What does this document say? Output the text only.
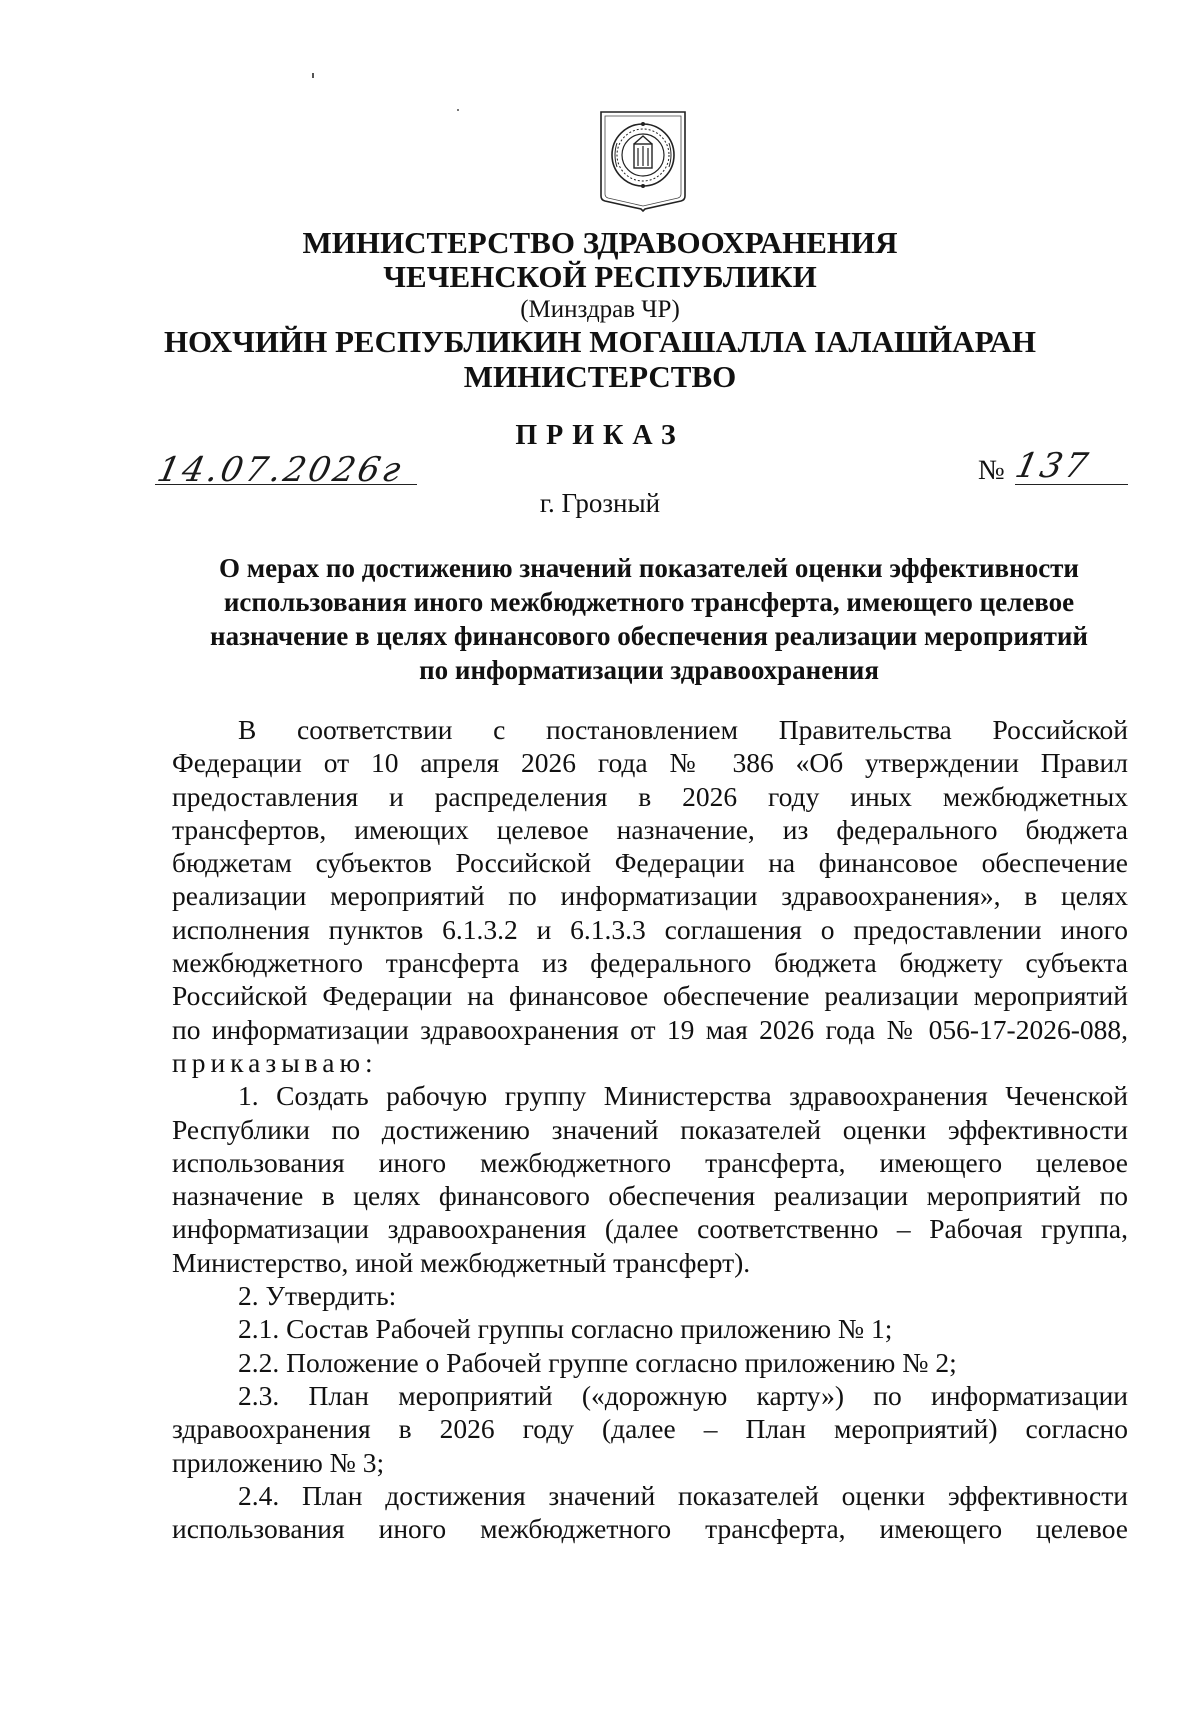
МИНИСТЕРСТВО ЗДРАВООХРАНЕНИЯ
ЧЕЧЕНСКОЙ РЕСПУБЛИКИ
(Минздрав ЧР)
НОХЧИЙН РЕСПУБЛИКИН МОГАШАЛЛА ІАЛАШЙАРАН
МИНИСТЕРСТВО
ПРИКАЗ
14.07.2026г	№ 137
г. Грозный
О мерах по достижению значений показателей оценки эффективности
использования иного межбюджетного трансферта, имеющего целевое
назначение в целях финансового обеспечения реализации мероприятий
по информатизации здравоохранения
В соответствии с постановлением Правительства Российской
Федерации от 10 апреля 2026 года № 386 «Об утверждении Правил
предоставления и распределения в 2026 году иных межбюджетных
трансфертов, имеющих целевое назначение, из федерального бюджета
бюджетам субъектов Российской Федерации на финансовое обеспечение
реализации мероприятий по информатизации здравоохранения», в целях
исполнения пунктов 6.1.3.2 и 6.1.3.3 соглашения о предоставлении иного
межбюджетного трансферта из федерального бюджета бюджету субъекта
Российской Федерации на финансовое обеспечение реализации мероприятий
по информатизации здравоохранения от 19 мая 2026 года № 056-17-2026-088,
приказываю:
1. Создать рабочую группу Министерства здравоохранения Чеченской
Республики по достижению значений показателей оценки эффективности
использования иного межбюджетного трансферта, имеющего целевое
назначение в целях финансового обеспечения реализации мероприятий по
информатизации здравоохранения (далее соответственно – Рабочая группа,
Министерство, иной межбюджетный трансферт).
2. Утвердить:
2.1. Состав Рабочей группы согласно приложению № 1;
2.2. Положение о Рабочей группе согласно приложению № 2;
2.3. План мероприятий («дорожную карту») по информатизации
здравоохранения в 2026 году (далее – План мероприятий) согласно
приложению № 3;
2.4. План достижения значений показателей оценки эффективности
использования иного межбюджетного трансферта, имеющего целевое
